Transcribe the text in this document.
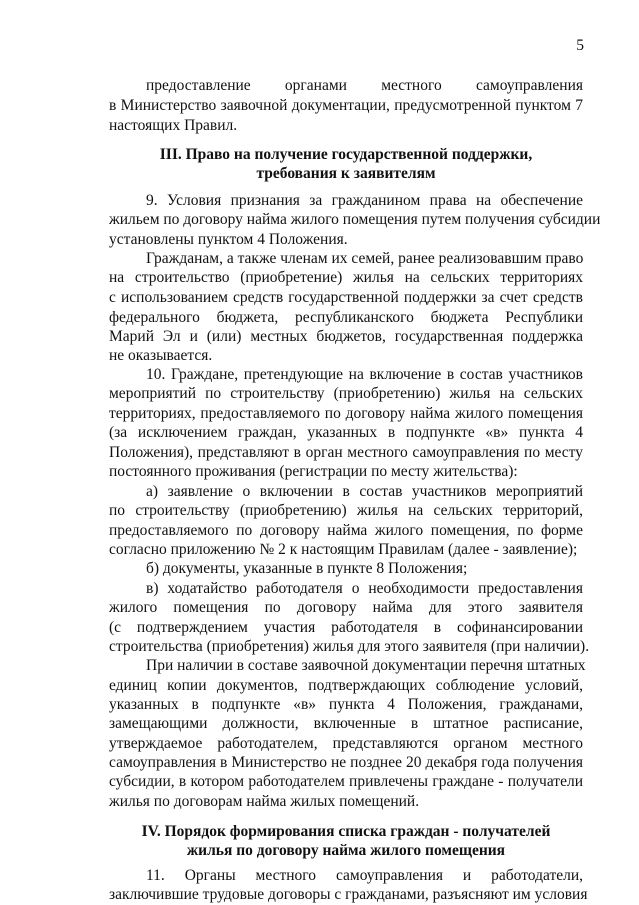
5
предоставление органами местного самоуправления
в Министерство заявочной документации, предусмотренной пунктом 7
настоящих Правил.
III. Право на получение государственной поддержки,
требования к заявителям
9. Условия признания за гражданином права на обеспечение
жильем по договору найма жилого помещения путем получения субсидии
установлены пунктом 4 Положения.
Гражданам, а также членам их семей, ранее реализовавшим право
на строительство (приобретение) жилья на сельских территориях
с использованием средств государственной поддержки за счет средств
федерального бюджета, республиканского бюджета Республики
Марий Эл и (или) местных бюджетов, государственная поддержка
не оказывается.
10. Граждане, претендующие на включение в состав участников
мероприятий по строительству (приобретению) жилья на сельских
территориях, предоставляемого по договору найма жилого помещения
(за исключением граждан, указанных в подпункте «в» пункта 4
Положения), представляют в орган местного самоуправления по месту
постоянного проживания (регистрации по месту жительства):
а) заявление о включении в состав участников мероприятий
по строительству (приобретению) жилья на сельских территорий,
предоставляемого по договору найма жилого помещения, по форме
согласно приложению № 2 к настоящим Правилам (далее - заявление);
б) документы, указанные в пункте 8 Положения;
в) ходатайство работодателя о необходимости предоставления
жилого помещения по договору найма для этого заявителя
(с подтверждением участия работодателя в софинансировании
строительства (приобретения) жилья для этого заявителя (при наличии).
При наличии в составе заявочной документации перечня штатных
единиц копии документов, подтверждающих соблюдение условий,
указанных в подпункте «в» пункта 4 Положения, гражданами,
замещающими должности, включенные в штатное расписание,
утверждаемое работодателем, представляются органом местного
самоуправления в Министерство не позднее 20 декабря года получения
субсидии, в котором работодателем привлечены граждане - получатели
жилья по договорам найма жилых помещений.
IV. Порядок формирования списка граждан - получателей
жилья по договору найма жилого помещения
11. Органы местного самоуправления и работодатели,
заключившие трудовые договоры с гражданами, разъясняют им условия
